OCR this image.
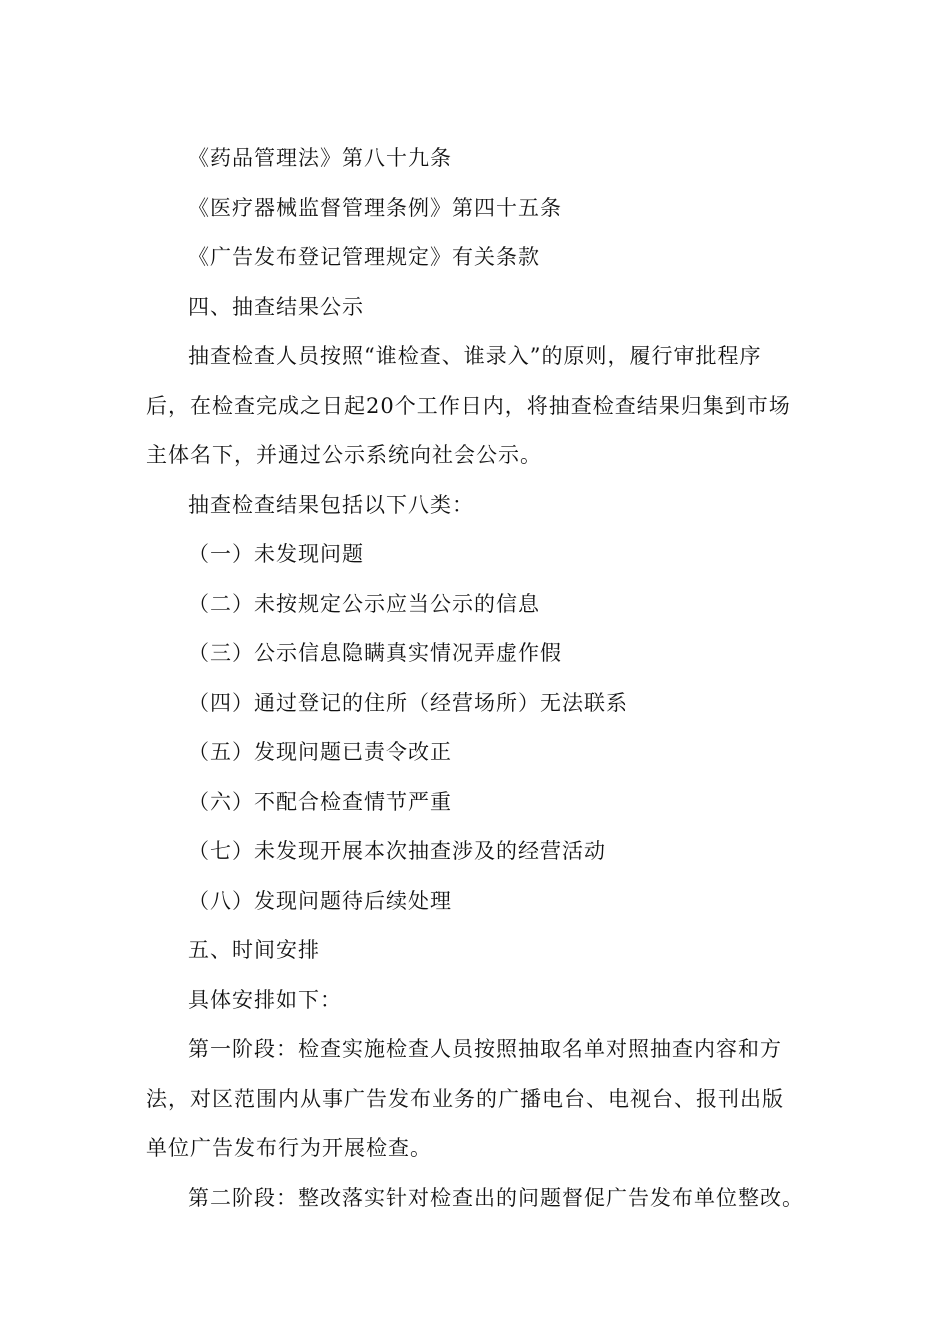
《药品管理法》第八十九条
《医疗器械监督管理条例》第四十五条
《广告发布登记管理规定》有关条款
四、抽查结果公示
抽查检查人员按照“谁检查、谁录入”的原则，履行审批程序
后，在检查完成之日起20个工作日内，将抽查检查结果归集到市场
主体名下，并通过公示系统向社会公示。
抽查检查结果包括以下八类：
（一）未发现问题
（二）未按规定公示应当公示的信息
（三）公示信息隐瞒真实情况弄虚作假
（四）通过登记的住所（经营场所）无法联系
（五）发现问题已责令改正
（六）不配合检查情节严重
（七）未发现开展本次抽查涉及的经营活动
（八）发现问题待后续处理
五、时间安排
具体安排如下：
第一阶段：检查实施检查人员按照抽取名单对照抽查内容和方
法，对区范围内从事广告发布业务的广播电台、电视台、报刊出版
单位广告发布行为开展检查。
第二阶段：整改落实针对检查出的问题督促广告发布单位整改。
